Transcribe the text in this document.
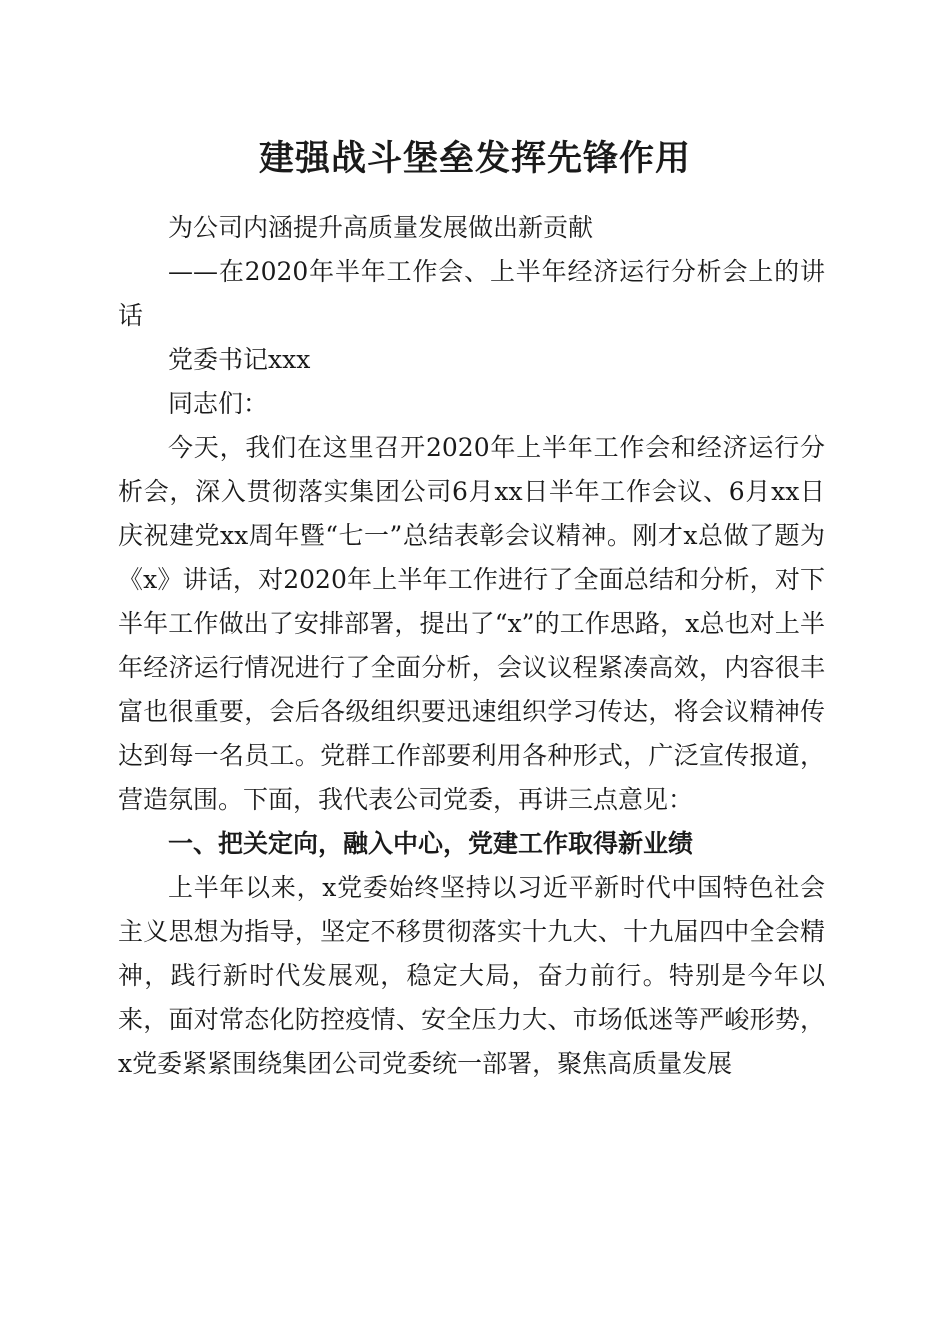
建强战斗堡垒发挥先锋作用

为公司内涵提升高质量发展做出新贡献

——在2020年半年工作会、上半年经济运行分析会上的讲话

党委书记xxx

同志们：

今天，我们在这里召开2020年上半年工作会和经济运行分析会，深入贯彻落实集团公司6月xx日半年工作会议、6月xx日庆祝建党xx周年暨“七一”总结表彰会议精神。刚才x总做了题为《x》讲话，对2020年上半年工作进行了全面总结和分析，对下半年工作做出了安排部署，提出了“x”的工作思路，x总也对上半年经济运行情况进行了全面分析，会议议程紧凑高效，内容很丰富也很重要，会后各级组织要迅速组织学习传达，将会议精神传达到每一名员工。党群工作部要利用各种形式，广泛宣传报道，营造氛围。下面，我代表公司党委，再讲三点意见：

一、把关定向，融入中心，党建工作取得新业绩

上半年以来，x党委始终坚持以习近平新时代中国特色社会主义思想为指导，坚定不移贯彻落实十九大、十九届四中全会精神，践行新时代发展观，稳定大局，奋力前行。特别是今年以来，面对常态化防控疫情、安全压力大、市场低迷等严峻形势，x党委紧紧围绕集团公司党委统一部署，聚焦高质量发展
